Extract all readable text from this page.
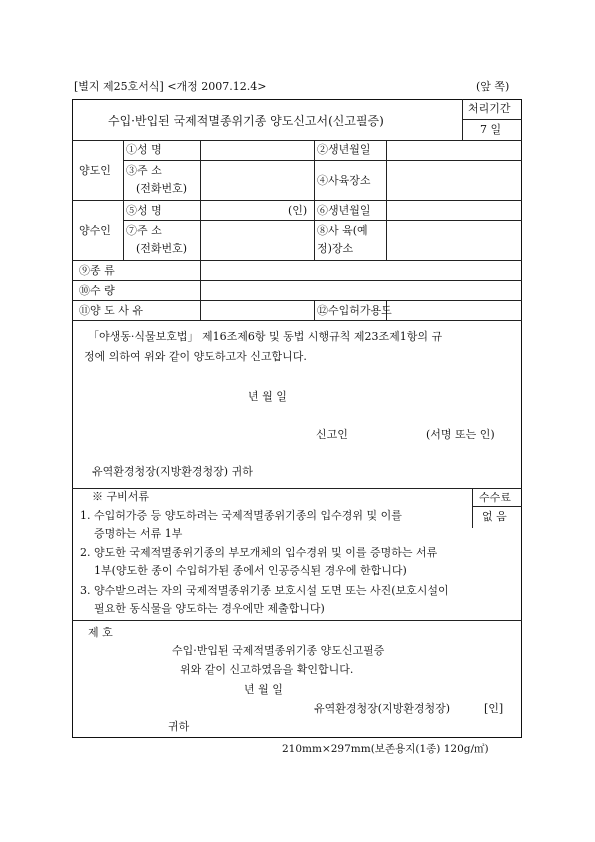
[별지 제25호서식] <개정 2007.12.4>	(앞 쪽)
수입·반입된 국제적멸종위기종 양도신고서(신고필증)
처리기간
7 일
양도인
①성 명	②생년월일
③주 소
(전화번호)
④사육장소
양수인
⑤성 명	(인) ⑥생년월일
⑦주 소
(전화번호)
⑧사 육(예
정)장소
⑨종 류
⑩수 량
⑪양 도 사 유	⑫수입허가용도
「야생동·식물보호법」 제16조제6항 및 동법 시행규칙 제23조제1항의 규
정에 의하여 위와 같이 양도하고자 신고합니다.
년 월 일
신고인	(서명 또는 인)
유역환경청장(지방환경청장) 귀하
※ 구비서류
1. 수입허가증 등 양도하려는 국제적멸종위기종의 입수경위 및 이를
증명하는 서류 1부
2. 양도한 국제적멸종위기종의 부모개체의 입수경위 및 이를 증명하는 서류
1부(양도한 종이 수입허가된 종에서 인공증식된 경우에 한합니다)
3. 양수받으려는 자의 국제적멸종위기종 보호시설 도면 또는 사진(보호시설이
필요한 동식물을 양도하는 경우에만 제출합니다)
수수료
없 음
제 호
수입·반입된 국제적멸종위기종 양도신고필증
위와 같이 신고하였음을 확인합니다.
년 월 일
유역환경청장(지방환경청장)	[인]
귀하
210mm×297mm(보존용지(1종) 120g/㎡)
